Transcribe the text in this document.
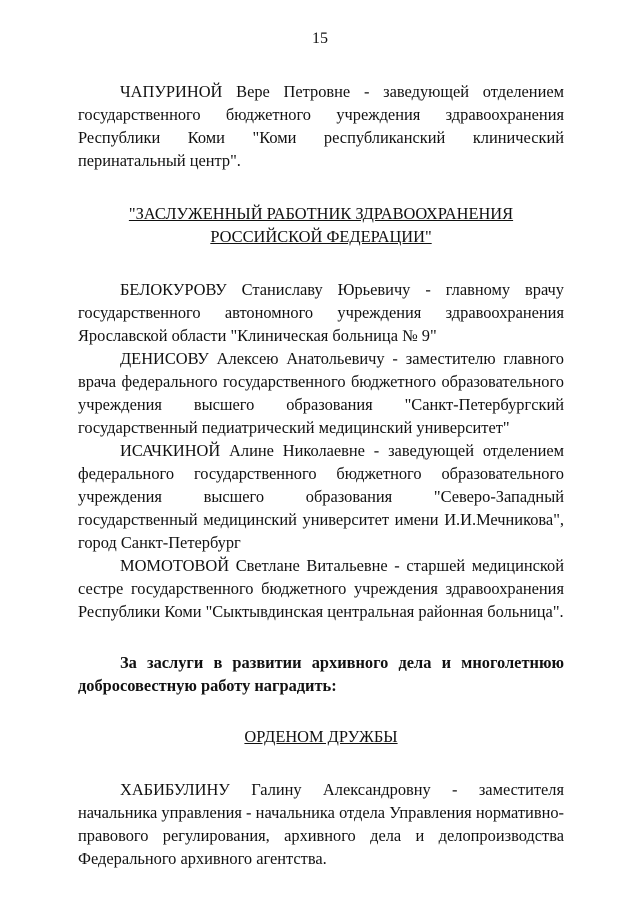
15

ЧАПУРИНОЙ Вере Петровне - заведующей отделением государственного бюджетного учреждения здравоохранения Республики Коми "Коми республиканский клинический перинатальный центр".

"ЗАСЛУЖЕННЫЙ РАБОТНИК ЗДРАВООХРАНЕНИЯ
РОССИЙСКОЙ ФЕДЕРАЦИИ"

БЕЛОКУРОВУ Станиславу Юрьевичу - главному врачу государственного автономного учреждения здравоохранения Ярославской области "Клиническая больница № 9"

ДЕНИСОВУ Алексею Анатольевичу - заместителю главного врача федерального государственного бюджетного образовательного учреждения высшего образования "Санкт-Петербургский государственный педиатрический медицинский университет"

ИСАЧКИНОЙ Алине Николаевне - заведующей отделением федерального государственного бюджетного образовательного учреждения высшего образования "Северо-Западный государственный медицинский университет имени И.И.Мечникова", город Санкт-Петербург

МОМОТОВОЙ Светлане Витальевне - старшей медицинской сестре государственного бюджетного учреждения здравоохранения Республики Коми "Сыктывдинская центральная районная больница".

За заслуги в развитии архивного дела и многолетнюю добросовестную работу наградить:

ОРДЕНОМ ДРУЖБЫ

ХАБИБУЛИНУ Галину Александровну - заместителя начальника управления - начальника отдела Управления нормативно-правового регулирования, архивного дела и делопроизводства Федерального архивного агентства.
